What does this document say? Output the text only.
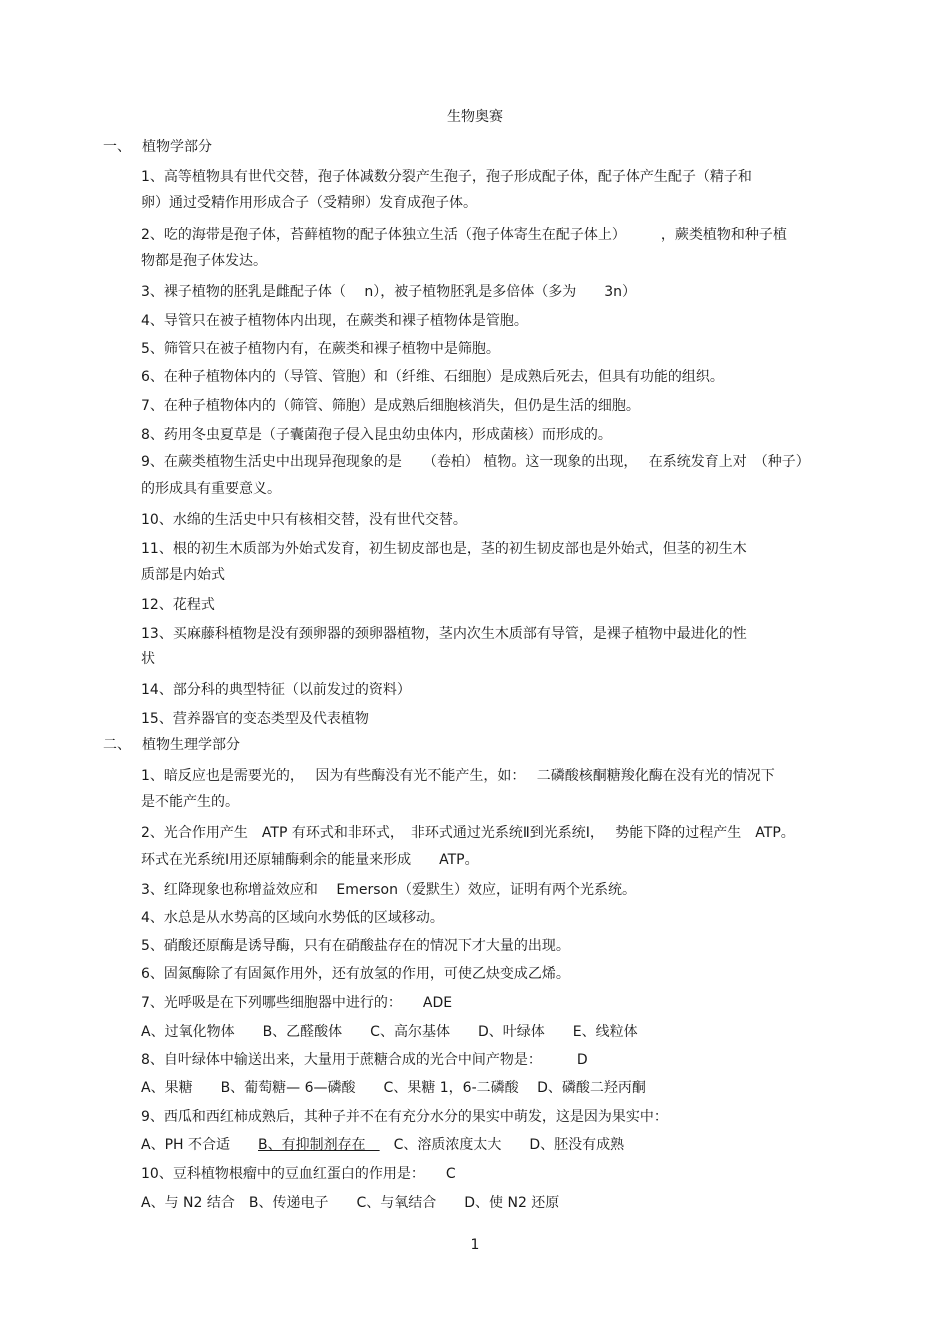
生物奥赛
一、 植物学部分
1、高等植物具有世代交替，孢子体减数分裂产生孢子，孢子形成配子体，配子体产生配子（精子和
卵）通过受精作用形成合子（受精卵）发育成孢子体。
2、吃的海带是孢子体，苔藓植物的配子体独立生活（孢子体寄生在配子体上）　　　，蕨类植物和种子植
物都是孢子体发达。
3、裸子植物的胚乳是雌配子体（　 n），被子植物胚乳是多倍体（多为　　3n）
4、导管只在被子植物体内出现，在蕨类和裸子植物体是管胞。
5、筛管只在被子植物内有，在蕨类和裸子植物中是筛胞。
6、在种子植物体内的（导管、管胞）和（纤维、石细胞）是成熟后死去，但具有功能的组织。
7、在种子植物体内的（筛管、筛胞）是成熟后细胞核消失，但仍是生活的细胞。
8、药用冬虫夏草是（子囊菌孢子侵入昆虫幼虫体内，形成菌核）而形成的。
9、在蕨类植物生活史中出现异孢现象的是　　（卷柏） 植物。这一现象的出现，　 在系统发育上对　（种子）
的形成具有重要意义。
10、水绵的生活史中只有核相交替，没有世代交替。
11、根的初生木质部为外始式发育，初生韧皮部也是，茎的初生韧皮部也是外始式，但茎的初生木
质部是内始式
12、花程式
13、买麻藤科植物是没有颈卵器的颈卵器植物，茎内次生木质部有导管，是裸子植物中最进化的性
状
14、部分科的典型特征（以前发过的资料）
15、营养器官的变态类型及代表植物
二、 植物生理学部分
1、暗反应也是需要光的，　 因为有些酶没有光不能产生，如：　 二磷酸核酮糖羧化酶在没有光的情况下
是不能产生的。
2、光合作用产生　ATP 有环式和非环式，　非环式通过光系统Ⅱ到光系统Ⅰ，　 势能下降的过程产生　ATP。
环式在光系统Ⅰ用还原辅酶剩余的能量来形成　　ATP。
3、红降现象也称增益效应和　 Emerson（爱默生）效应，证明有两个光系统。
4、水总是从水势高的区域向水势低的区域移动。
5、硝酸还原酶是诱导酶，只有在硝酸盐存在的情况下才大量的出现。
6、固氮酶除了有固氮作用外，还有放氢的作用，可使乙炔变成乙烯。
7、光呼吸是在下列哪些细胞器中进行的：　　ADE
A、过氧化物体　　B、乙醛酸体　　C、高尔基体　　D、叶绿体　　E、线粒体
8、自叶绿体中输送出来，大量用于蔗糖合成的光合中间产物是：　　　D
A、果糖　　B、葡萄糖— 6—磷酸　　C、果糖 1，6-二磷酸　 D、磷酸二羟丙酮
9、西瓜和西红柿成熟后，其种子并不在有充分水分的果实中萌发，这是因为果实中：
A、PH 不合适　　B、有抑制剂存在　　C、溶质浓度太大　　D、胚没有成熟
10、豆科植物根瘤中的豆血红蛋白的作用是：　　C
A、与 N2 结合　B、传递电子　　C、与氧结合　　D、使 N2 还原
1
